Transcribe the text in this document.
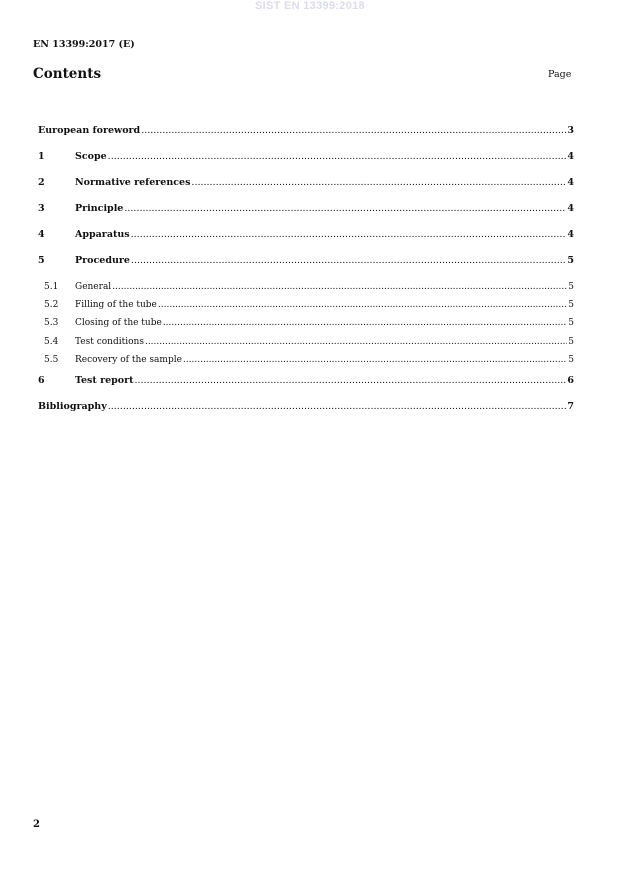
SIST EN 13399:2018
EN 13399:2017 (E)
Contents	Page
European foreword .....	3
1	Scope .....	4
2	Normative references .....	4
3	Principle .....	4
4	Apparatus .....	4
5	Procedure .....	5
5.1	General .....	5
5.2	Filling of the tube .....	5
5.3	Closing of the tube .....	5
5.4	Test conditions .....	5
5.5	Recovery of the sample .....	5
6	Test report .....	6
Bibliography .....	7
2
